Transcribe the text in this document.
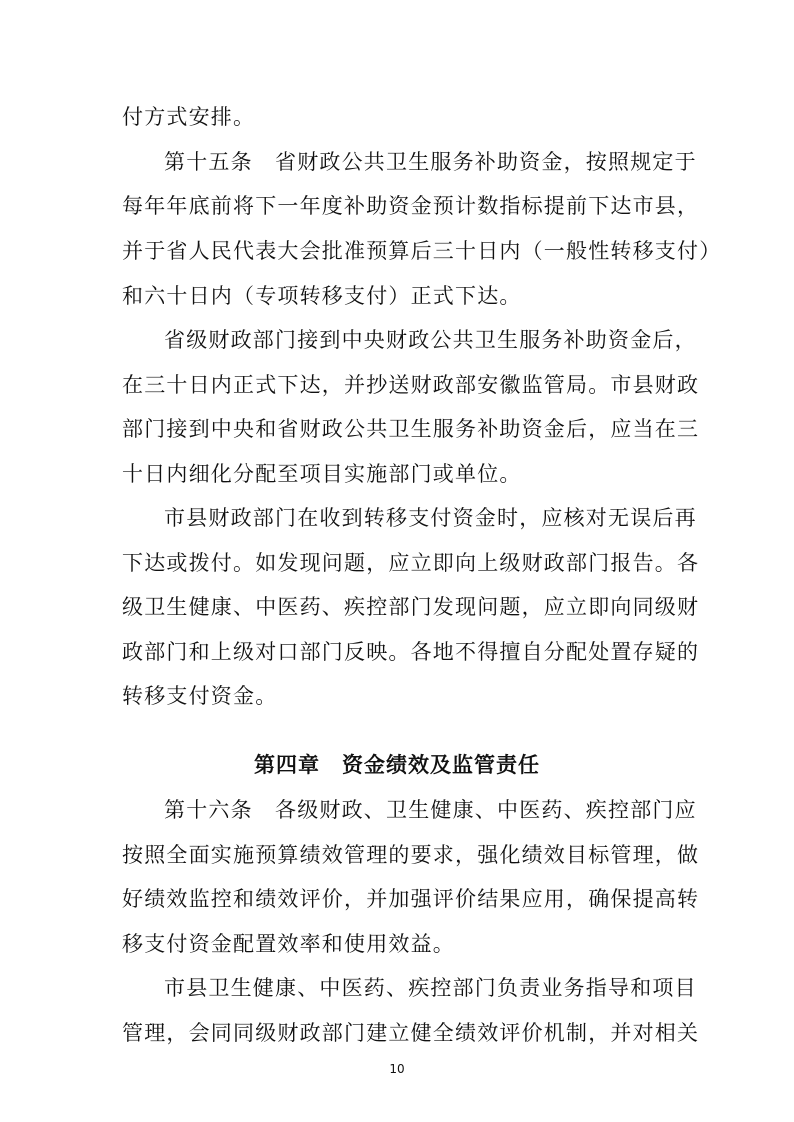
付方式安排。
第十五条　省财政公共卫生服务补助资金，按照规定于
每年年底前将下一年度补助资金预计数指标提前下达市县，
并于省人民代表大会批准预算后三十日内（一般性转移支付）
和六十日内（专项转移支付）正式下达。
省级财政部门接到中央财政公共卫生服务补助资金后，
在三十日内正式下达，并抄送财政部安徽监管局。市县财政
部门接到中央和省财政公共卫生服务补助资金后，应当在三
十日内细化分配至项目实施部门或单位。
市县财政部门在收到转移支付资金时，应核对无误后再
下达或拨付。如发现问题，应立即向上级财政部门报告。各
级卫生健康、中医药、疾控部门发现问题，应立即向同级财
政部门和上级对口部门反映。各地不得擅自分配处置存疑的
转移支付资金。
第四章　资金绩效及监管责任
第十六条　各级财政、卫生健康、中医药、疾控部门应
按照全面实施预算绩效管理的要求，强化绩效目标管理，做
好绩效监控和绩效评价，并加强评价结果应用，确保提高转
移支付资金配置效率和使用效益。
市县卫生健康、中医药、疾控部门负责业务指导和项目
管理，会同同级财政部门建立健全绩效评价机制，并对相关
10
